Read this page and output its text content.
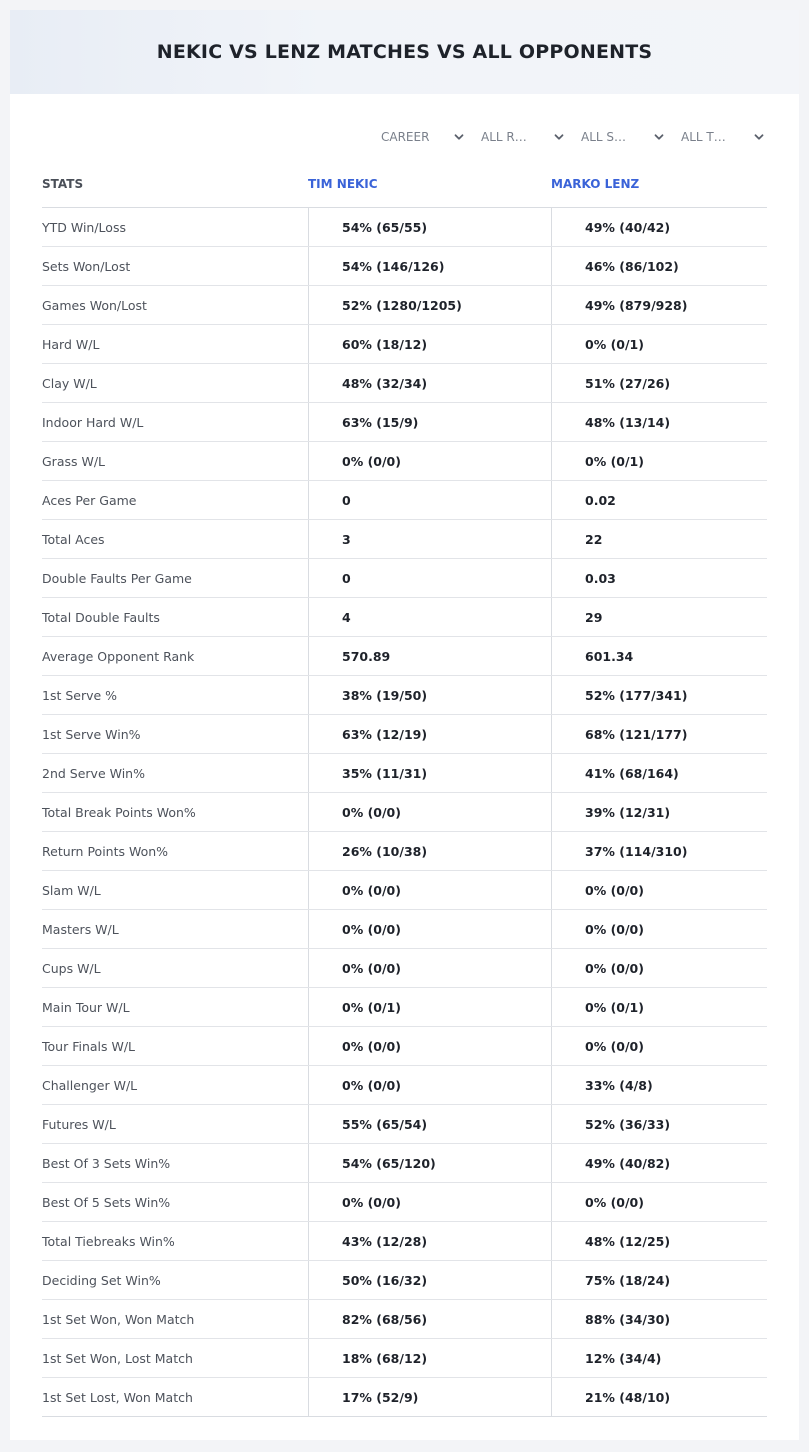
NEKIC VS LENZ MATCHES VS ALL OPPONENTS
CAREER	ALL R…	ALL S…	ALL T…
STATS	TIM NEKIC	MARKO LENZ
YTD Win/Loss	54% (65/55)	49% (40/42)
Sets Won/Lost	54% (146/126)	46% (86/102)
Games Won/Lost	52% (1280/1205)	49% (879/928)
Hard W/L	60% (18/12)	0% (0/1)
Clay W/L	48% (32/34)	51% (27/26)
Indoor Hard W/L	63% (15/9)	48% (13/14)
Grass W/L	0% (0/0)	0% (0/1)
Aces Per Game	0	0.02
Total Aces	3	22
Double Faults Per Game	0	0.03
Total Double Faults	4	29
Average Opponent Rank	570.89	601.34
1st Serve %	38% (19/50)	52% (177/341)
1st Serve Win%	63% (12/19)	68% (121/177)
2nd Serve Win%	35% (11/31)	41% (68/164)
Total Break Points Won%	0% (0/0)	39% (12/31)
Return Points Won%	26% (10/38)	37% (114/310)
Slam W/L	0% (0/0)	0% (0/0)
Masters W/L	0% (0/0)	0% (0/0)
Cups W/L	0% (0/0)	0% (0/0)
Main Tour W/L	0% (0/1)	0% (0/1)
Tour Finals W/L	0% (0/0)	0% (0/0)
Challenger W/L	0% (0/0)	33% (4/8)
Futures W/L	55% (65/54)	52% (36/33)
Best Of 3 Sets Win%	54% (65/120)	49% (40/82)
Best Of 5 Sets Win%	0% (0/0)	0% (0/0)
Total Tiebreaks Win%	43% (12/28)	48% (12/25)
Deciding Set Win%	50% (16/32)	75% (18/24)
1st Set Won, Won Match	82% (68/56)	88% (34/30)
1st Set Won, Lost Match	18% (68/12)	12% (34/4)
1st Set Lost, Won Match	17% (52/9)	21% (48/10)
